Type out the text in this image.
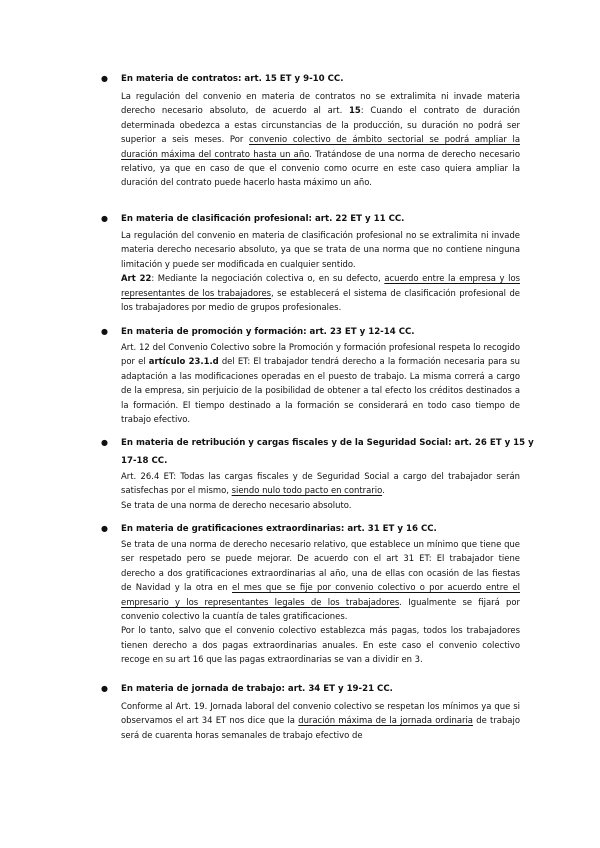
● En materia de contratos: art. 15 ET y 9-10 CC.

La regulación del convenio en materia de contratos no se extralimita ni invade materia derecho necesario absoluto, de acuerdo al art. 15: Cuando el contrato de duración determinada obedezca a estas circunstancias de la producción, su duración no podrá ser superior a seis meses. Por convenio colectivo de ámbito sectorial se podrá ampliar la duración máxima del contrato hasta un año. Tratándose de una norma de derecho necesario relativo, ya que en caso de que el convenio como ocurre en este caso quiera ampliar la duración del contrato puede hacerlo hasta máximo un año.

● En materia de clasificación profesional: art. 22 ET y 11 CC.

La regulación del convenio en materia de clasificación profesional no se extralimita ni invade materia derecho necesario absoluto, ya que se trata de una norma que no contiene ninguna limitación y puede ser modificada en cualquier sentido.

Art 22: Mediante la negociación colectiva o, en su defecto, acuerdo entre la empresa y los representantes de los trabajadores, se establecerá el sistema de clasificación profesional de los trabajadores por medio de grupos profesionales.

● En materia de promoción y formación: art. 23 ET y 12-14 CC.

Art. 12 del Convenio Colectivo sobre la Promoción y formación profesional respeta lo recogido por el artículo 23.1.d del ET: El trabajador tendrá derecho a la formación necesaria para su adaptación a las modificaciones operadas en el puesto de trabajo. La misma correrá a cargo de la empresa, sin perjuicio de la posibilidad de obtener a tal efecto los créditos destinados a la formación. El tiempo destinado a la formación se considerará en todo caso tiempo de trabajo efectivo.

● En materia de retribución y cargas fiscales y de la Seguridad Social: art. 26 ET y 15 y
17-18 CC.

Art. 26.4 ET: Todas las cargas fiscales y de Seguridad Social a cargo del trabajador serán satisfechas por el mismo, siendo nulo todo pacto en contrario.

Se trata de una norma de derecho necesario absoluto.

● En materia de gratificaciones extraordinarias: art. 31 ET y 16 CC.

Se trata de una norma de derecho necesario relativo, que establece un mínimo que tiene que ser respetado pero se puede mejorar. De acuerdo con el art 31 ET: El trabajador tiene derecho a dos gratificaciones extraordinarias al año, una de ellas con ocasión de las fiestas de Navidad y la otra en el mes que se fije por convenio colectivo o por acuerdo entre el empresario y los representantes legales de los trabajadores. Igualmente se fijará por convenio colectivo la cuantía de tales gratificaciones.

Por lo tanto, salvo que el convenio colectivo establezca más pagas, todos los trabajadores tienen derecho a dos pagas extraordinarias anuales. En este caso el convenio colectivo recoge en su art 16 que las pagas extraordinarias se van a dividir en 3.

● En materia de jornada de trabajo: art. 34 ET y 19-21 CC.

Conforme al Art. 19. Jornada laboral del convenio colectivo se respetan los mínimos ya que si observamos el art 34 ET nos dice que la duración máxima de la jornada ordinaria de trabajo será de cuarenta horas semanales de trabajo efectivo de
